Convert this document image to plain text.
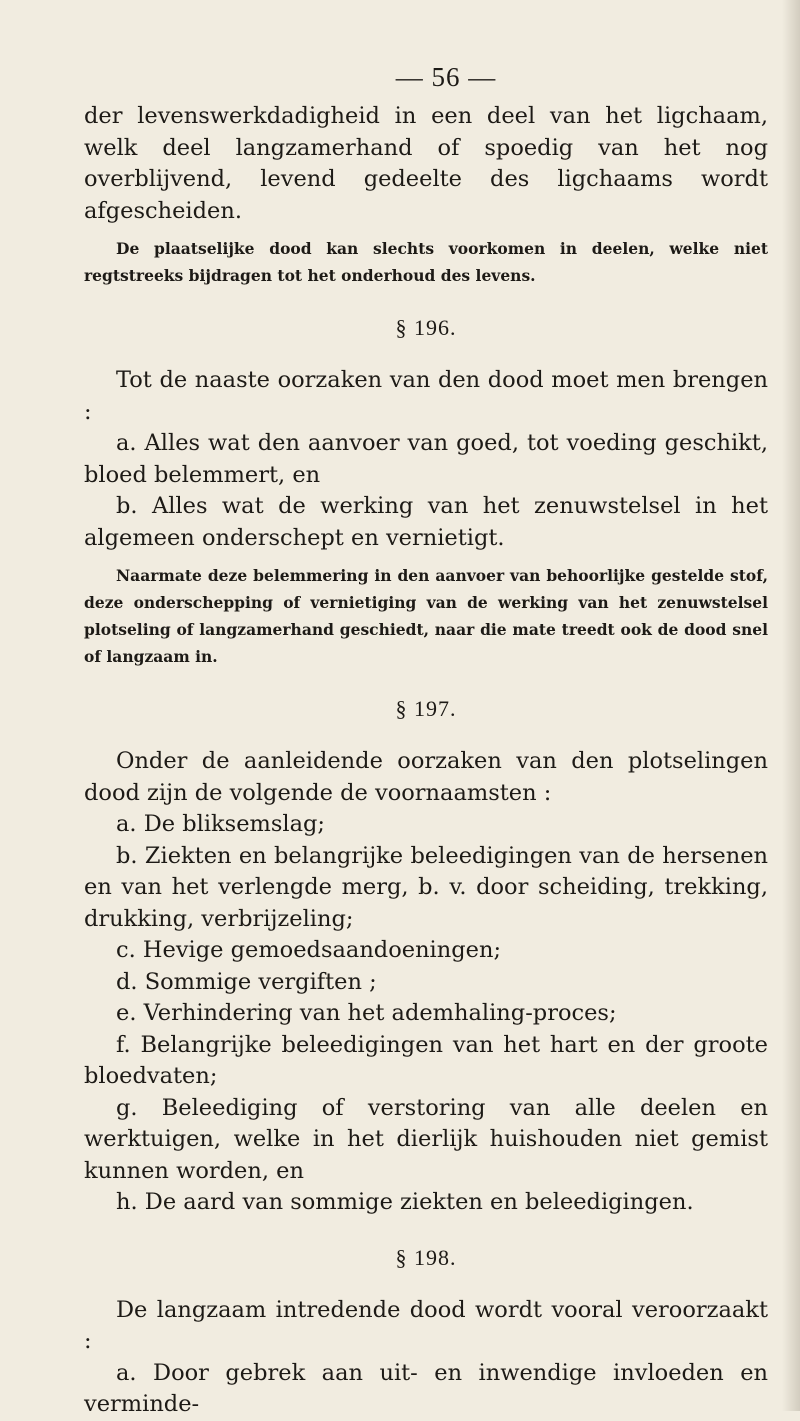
— 56 —

der levenswerkdadigheid in een deel van het ligchaam, welk deel langzamerhand of spoedig van het nog overblijvend, levend gedeelte des ligchaams wordt afgescheiden.

De plaatselijke dood kan slechts voorkomen in deelen, welke niet regtstreeks bijdragen tot het onderhoud des levens.

§ 196.

Tot de naaste oorzaken van den dood moet men brengen :

a. Alles wat den aanvoer van goed, tot voeding geschikt, bloed belemmert, en

b. Alles wat de werking van het zenuwstelsel in het algemeen onderschept en vernietigt.

Naarmate deze belemmering in den aanvoer van behoorlijke gestelde stof, deze onderschepping of vernietiging van de werking van het zenuwstelsel plotseling of langzamerhand geschiedt, naar die mate treedt ook de dood snel of langzaam in.

§ 197.

Onder de aanleidende oorzaken van den plotselingen dood zijn de volgende de voornaamsten :

a. De bliksemslag;

b. Ziekten en belangrijke beleedigingen van de hersenen en van het verlengde merg, b. v. door scheiding, trekking, drukking, verbrijzeling;

c. Hevige gemoedsaandoeningen;

d. Sommige vergiften ;

e. Verhindering van het ademhaling-proces;

f. Belangrijke beleedigingen van het hart en der groote bloedvaten;

g. Beleediging of verstoring van alle deelen en werktuigen, welke in het dierlijk huishouden niet gemist kunnen worden, en

h. De aard van sommige ziekten en beleedigingen.

§ 198.

De langzaam intredende dood wordt vooral veroorzaakt :

a. Door gebrek aan uit- en inwendige invloeden en verminde-
